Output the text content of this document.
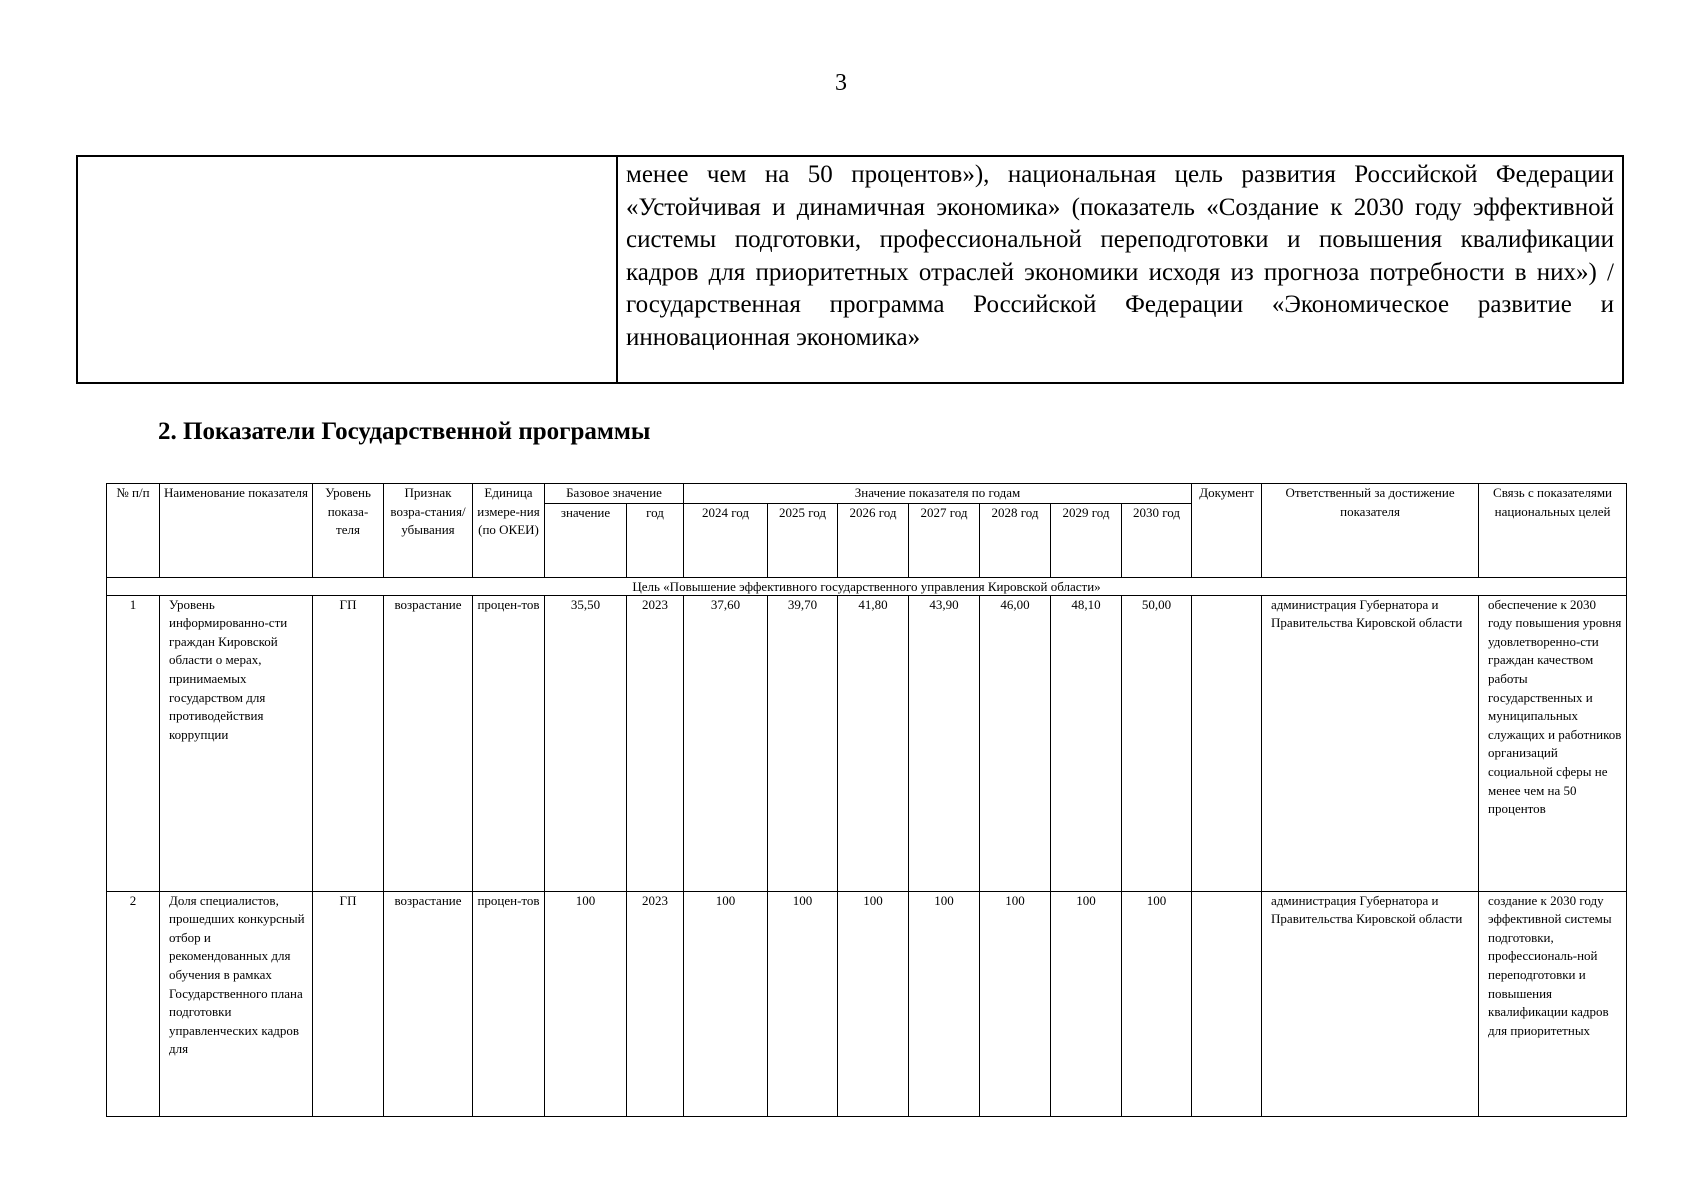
3
менее чем на 50 процентов»), национальная цель развития Российской Федерации «Устойчивая и динамичная экономика» (показатель «Создание к 2030 году эффективной системы подготовки, профессиональной переподготовки и повышения квалификации кадров для приоритетных отраслей экономики исходя из прогноза потребности в них») / государственная программа Российской Федерации «Экономическое развитие и инновационная экономика»
2. Показатели Государственной программы
№ п/п	Наименование показателя	Уровень показа-теля	Признак возра-стания/ убывания	Единица измере-ния (по ОКЕИ)	Базовое значение		Значение показателя по годам							Документ	Ответственный за достижение показателя	Связь с показателями национальных целей
					значение	год	2024 год	2025 год	2026 год	2027 год	2028 год	2029 год	2030 год			
Цель «Повышение эффективного государственного управления Кировской области»																
1	Уровень информированно-сти граждан Кировской области о мерах, принимаемых государством для противодействия коррупции	ГП	возрастание	процен-тов	35,50	2023	37,60	39,70	41,80	43,90	46,00	48,10	50,00		администрация Губернатора и Правительства Кировской области	обеспечение к 2030 году повышения уровня удовлетворенно-сти граждан качеством работы государственных и муниципальных служащих и работников организаций социальной сферы не менее чем на 50 процентов
2	Доля специалистов, прошедших конкурсный отбор и рекомендованных для обучения в рамках Государственного плана подготовки управленческих кадров для	ГП	возрастание	процен-тов	100	2023	100	100	100	100	100	100	100		администрация Губернатора и Правительства Кировской области	создание к 2030 году эффективной системы подготовки, профессиональ-ной переподготовки и повышения квалификации кадров для приоритетных
